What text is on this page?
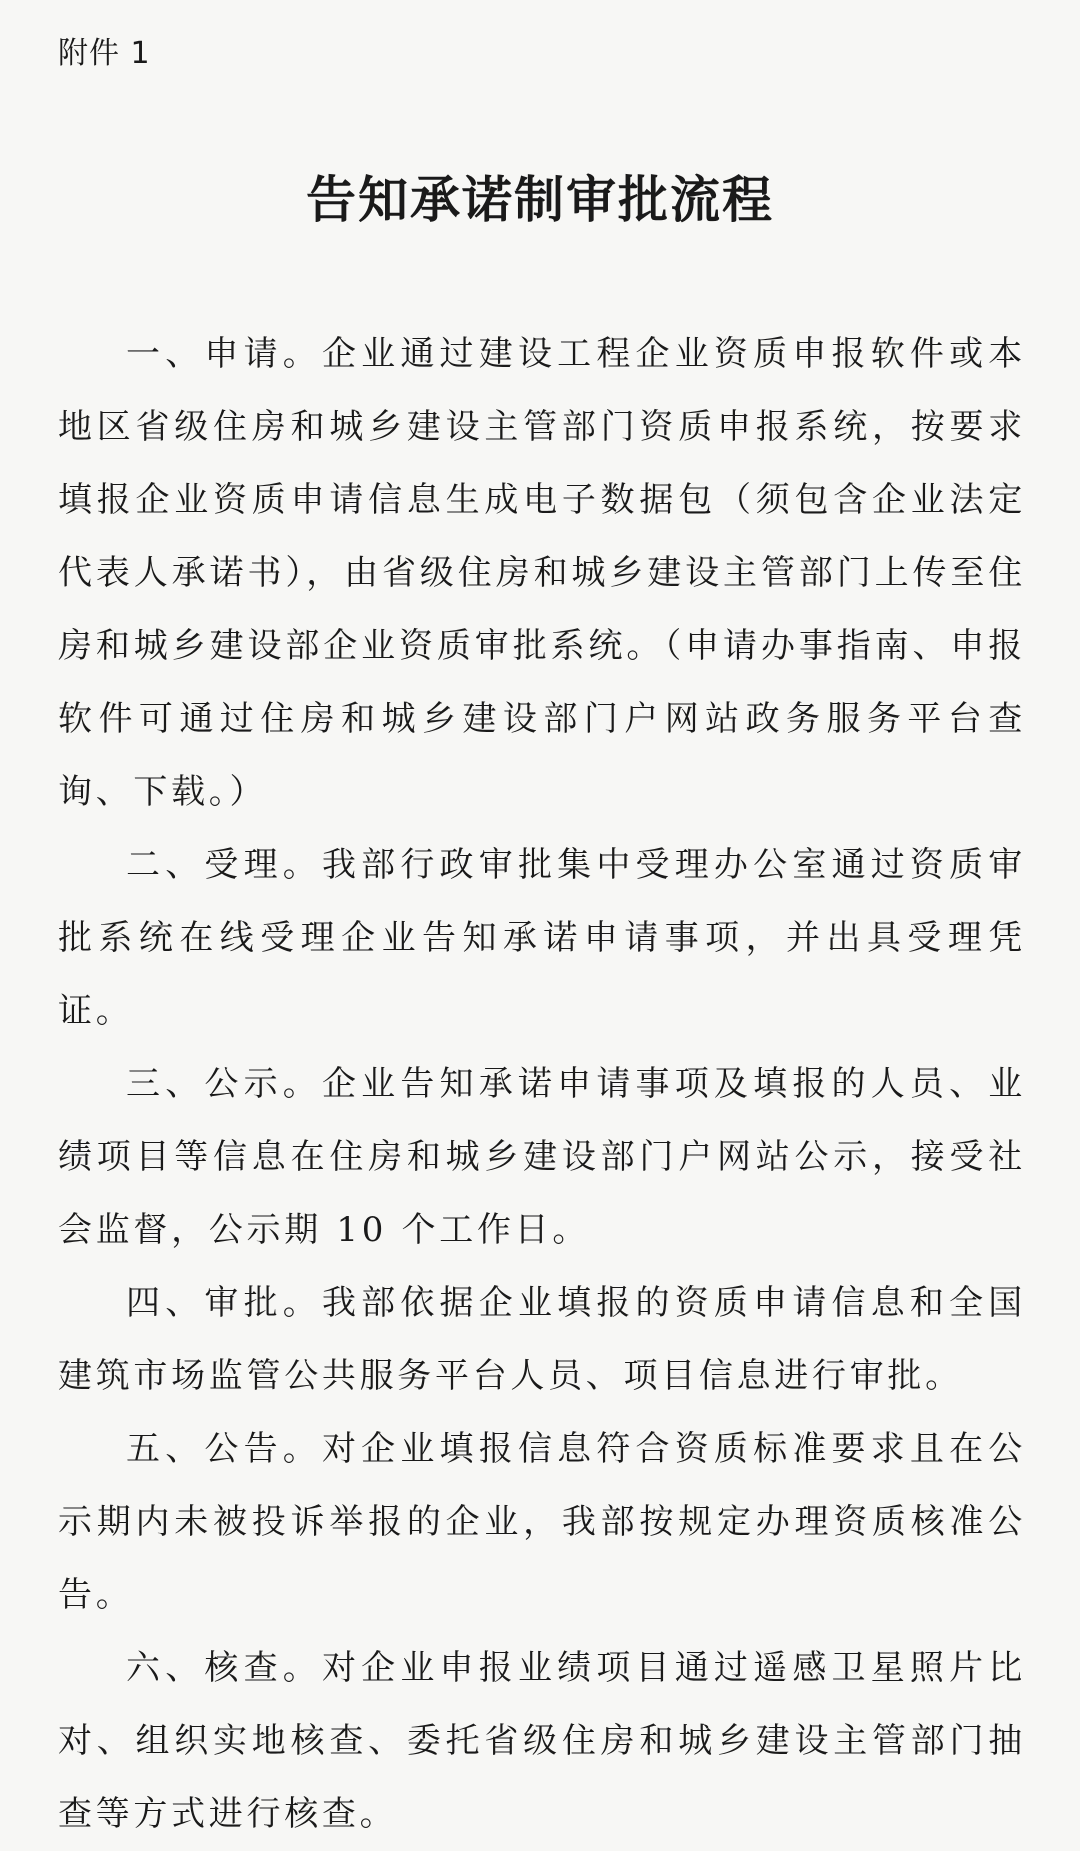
附件 1

告知承诺制审批流程

一、申请。企业通过建设工程企业资质申报软件或本地区省级住房和城乡建设主管部门资质申报系统，按要求填报企业资质申请信息生成电子数据包（须包含企业法定代表人承诺书），由省级住房和城乡建设主管部门上传至住房和城乡建设部企业资质审批系统。（申请办事指南、申报软件可通过住房和城乡建设部门户网站政务服务平台查询、下载。）

二、受理。我部行政审批集中受理办公室通过资质审批系统在线受理企业告知承诺申请事项，并出具受理凭证。

三、公示。企业告知承诺申请事项及填报的人员、业绩项目等信息在住房和城乡建设部门户网站公示，接受社会监督，公示期 10 个工作日。

四、审批。我部依据企业填报的资质申请信息和全国建筑市场监管公共服务平台人员、项目信息进行审批。

五、公告。对企业填报信息符合资质标准要求且在公示期内未被投诉举报的企业，我部按规定办理资质核准公告。

六、核查。对企业申报业绩项目通过遥感卫星照片比对、组织实地核查、委托省级住房和城乡建设主管部门抽查等方式进行核查。
